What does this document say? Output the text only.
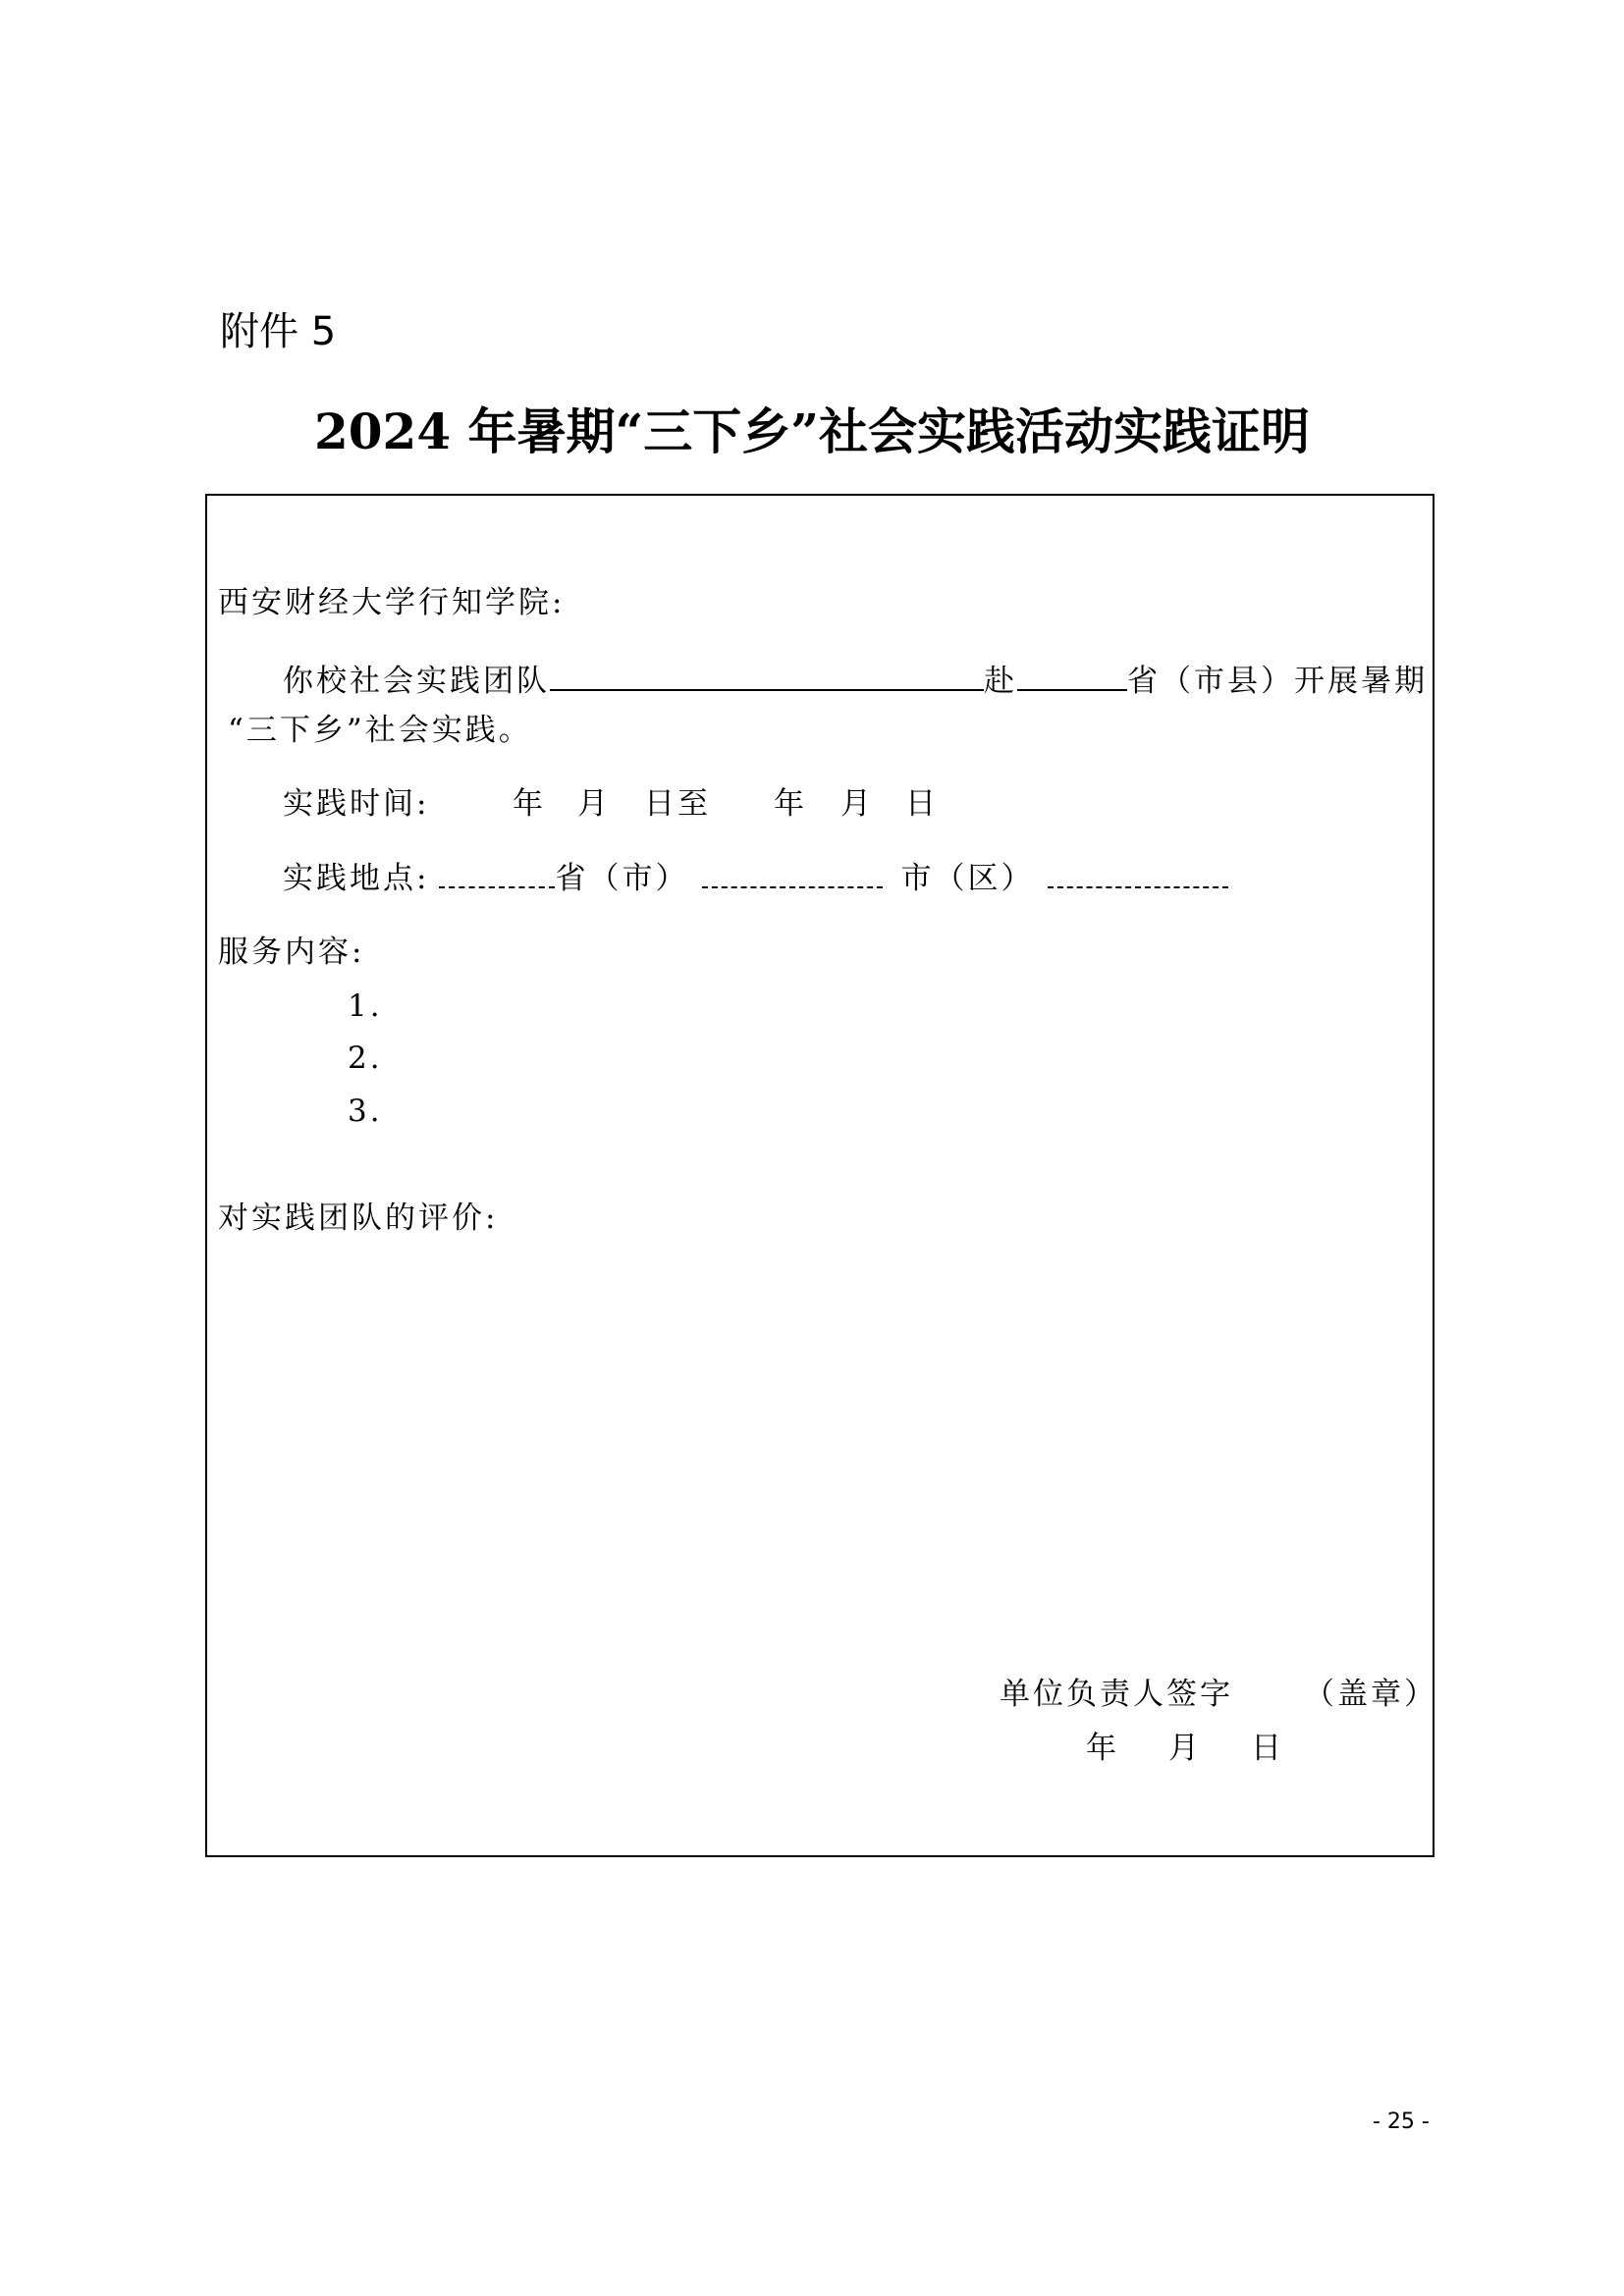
附件 5
2024 年暑期“三下乡”社会实践活动实践证明
西安财经大学行知学院:
你校社会实践团队	赴	省（市县）开展暑期
“三下乡”社会实践。
实践时间:	年 月 日至 年 月 日
实践地点:	省（市）	市（区）
服务内容:
1.
2.
3.
对实践团队的评价:
单位负责人签字 （盖章）
年 月 日
- 25 -
